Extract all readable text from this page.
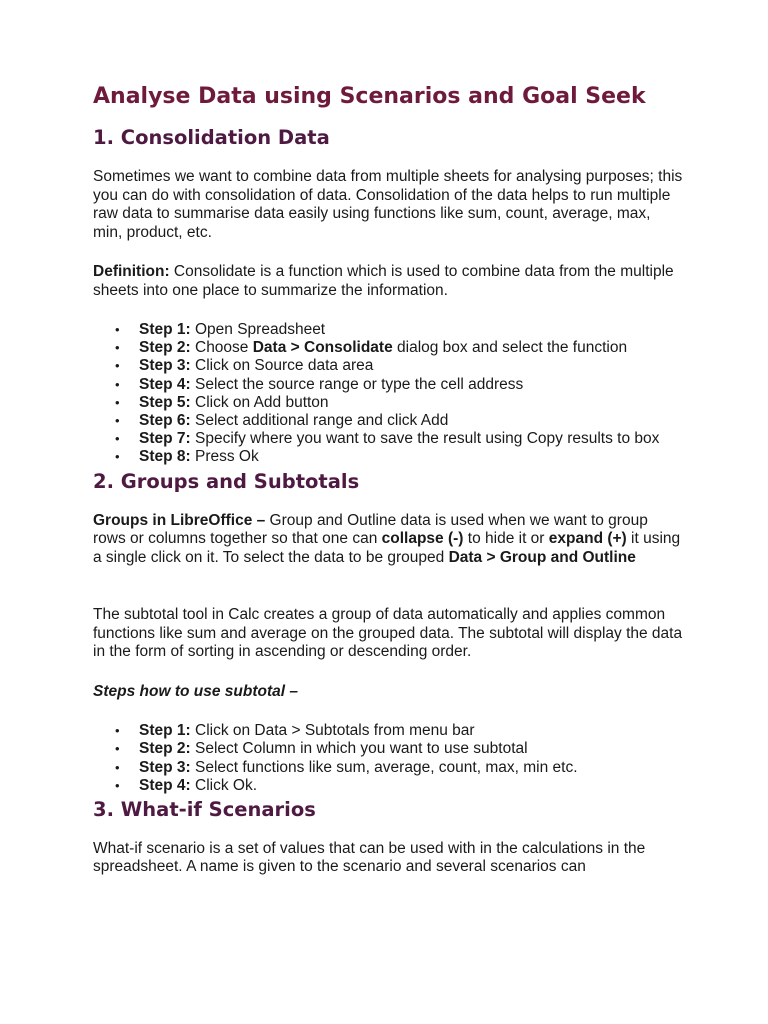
Analyse Data using Scenarios and Goal Seek
1. Consolidation Data

Sometimes we want to combine data from multiple sheets for analysing purposes; this you can do with consolidation of data. Consolidation of the data helps to run multiple raw data to summarise data easily using functions like sum, count, average, max, min, product, etc.

Definition: Consolidate is a function which is used to combine data from the multiple sheets into one place to summarize the information.

• Step 1: Open Spreadsheet
• Step 2: Choose Data > Consolidate dialog box and select the function
• Step 3: Click on Source data area
• Step 4: Select the source range or type the cell address
• Step 5: Click on Add button
• Step 6: Select additional range and click Add
• Step 7: Specify where you want to save the result using Copy results to box
• Step 8: Press Ok
2. Groups and Subtotals

Groups in LibreOffice – Group and Outline data is used when we want to group rows or columns together so that one can collapse (-) to hide it or expand (+) it using a single click on it. To select the data to be grouped Data > Group and Outline

The subtotal tool in Calc creates a group of data automatically and applies common functions like sum and average on the grouped data. The subtotal will display the data in the form of sorting in ascending or descending order.

Steps how to use subtotal –

• Step 1: Click on Data > Subtotals from menu bar
• Step 2: Select Column in which you want to use subtotal
• Step 3: Select functions like sum, average, count, max, min etc.
• Step 4: Click Ok.
3. What-if Scenarios

What-if scenario is a set of values that can be used with in the calculations in the spreadsheet. A name is given to the scenario and several scenarios can
